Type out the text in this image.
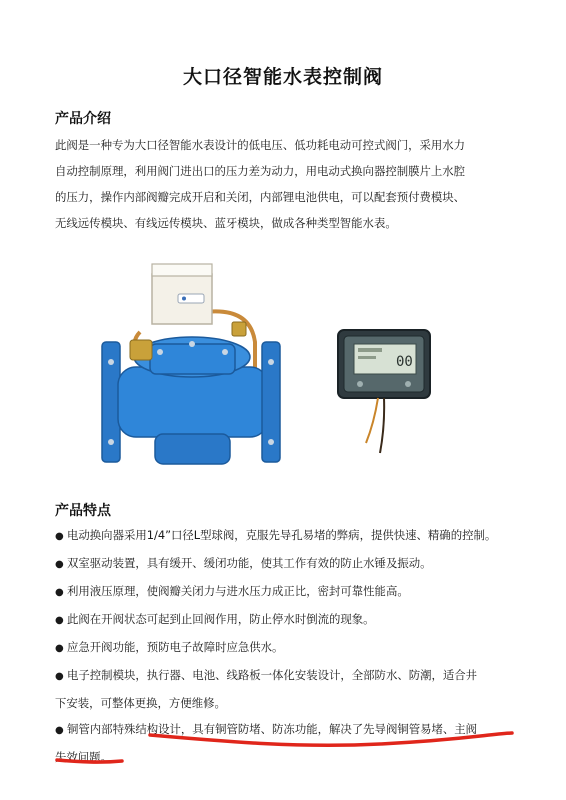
大口径智能水表控制阀
产品介绍
此阀是一种专为大口径智能水表设计的低电压、低功耗电动可控式阀门，采用水力
自动控制原理，利用阀门进出口的压力差为动力，用电动式换向器控制膜片上水腔
的压力，操作内部阀瓣完成开启和关闭，内部锂电池供电，可以配套预付费模块、
无线远传模块、有线远传模块、蓝牙模块，做成各种类型智能水表。
00
产品特点
● 电动换向器采用1/4”口径L型球阀，克服先导孔易堵的弊病，提供快速、精确的控制。
● 双室驱动装置，具有缓开、缓闭功能，使其工作有效的防止水锤及振动。
● 利用液压原理，使阀瓣关闭力与进水压力成正比，密封可靠性能高。
● 此阀在开阀状态可起到止回阀作用，防止停水时倒流的现象。
● 应急开阀功能，预防电子故障时应急供水。
● 电子控制模块，执行器、电池、线路板一体化安装设计，全部防水、防潮，适合井
下安装，可整体更换，方便维修。
● 铜管内部特殊结构设计，具有铜管防堵、防冻功能，解决了先导阀铜管易堵、主阀
失效问题。
